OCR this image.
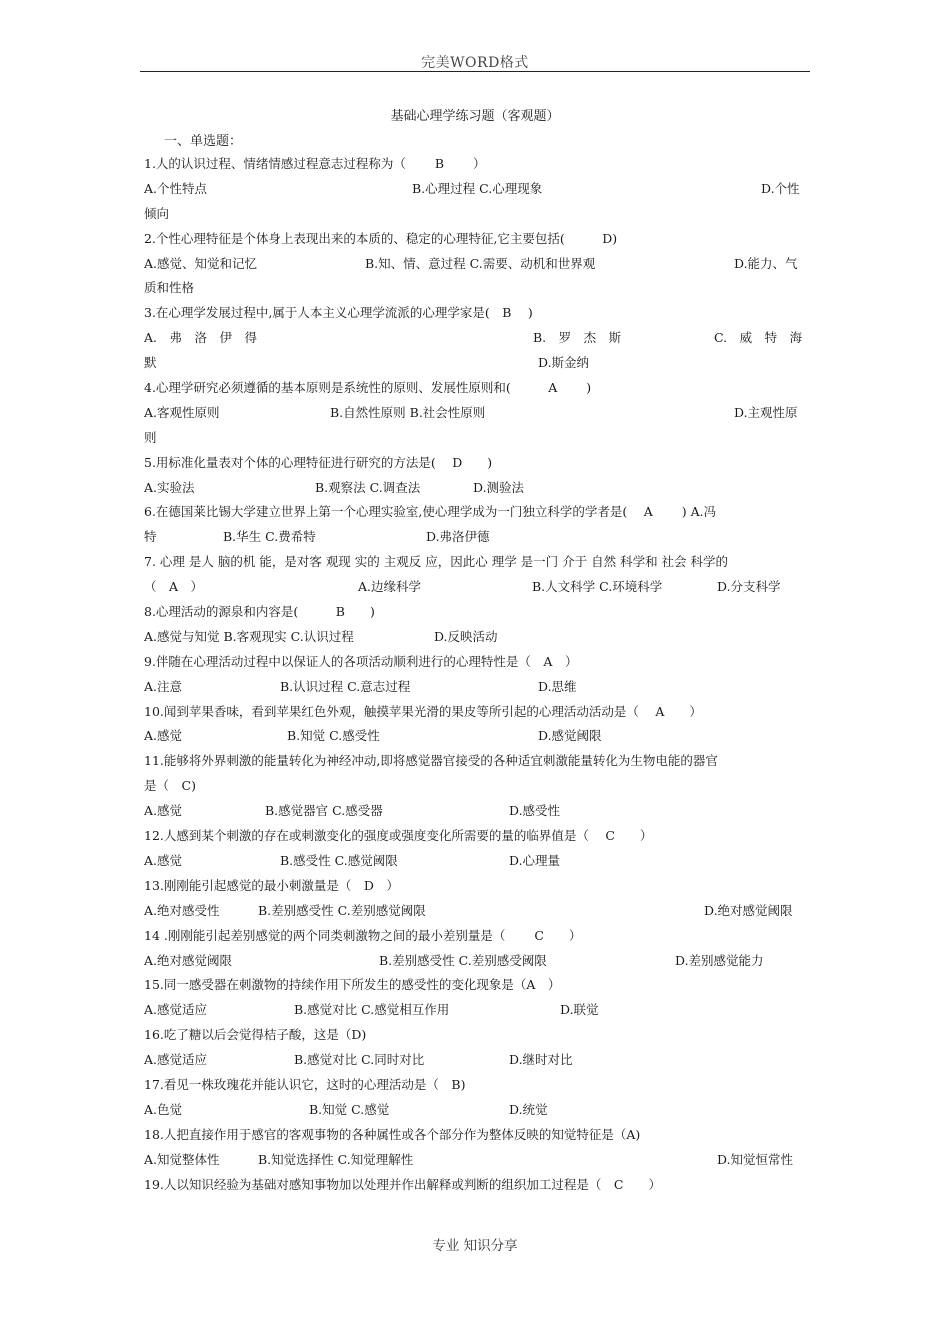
完美WORD格式
基础心理学练习题（客观题）
一、单选题：
1.人的认识过程、情绪情感过程意志过程称为（　　 B　　 ）
A.个性特点	B.心理过程 C.心理现象	D.个性
倾向
2.个性心理特征是个体身上表现出来的本质的、稳定的心理特征,它主要包括(　　　D)
A.感觉、知觉和记忆	B.知、情、意过程 C.需要、动机和世界观	D.能力、气
质和性格
3.在心理学发展过程中,属于人本主义心理学流派的心理学家是(　B　 )
A.　弗　洛　伊　得	B.　罗　杰　斯	C.　威　特　海
默	D.斯金纳
4.心理学研究必须遵循的基本原则是系统性的原则、发展性原则和(　　　A　　 )
A.客观性原则	B.自然性原则 B.社会性原则	D.主观性原
则
5.用标准化量表对个体的心理特征进行研究的方法是(　 D　　)
A.实验法	B.观察法 C.调查法	D.测验法
6.在德国莱比锡大学建立世界上第一个心理实验室,使心理学成为一门独立科学的学者是(　 A　　 ) A.冯
特	B.华生 C.费希特	D.弗洛伊德
7. 心理 是人 脑的机 能，是对客 观现 实的 主观反 应，因此心 理学 是一门 介于 自然 科学和 社会 科学的
（　A　）	A.边缘科学	B.人文科学 C.环境科学	D.分支科学
8.心理活动的源泉和内容是(　　　B　　)
A.感觉与知觉 B.客观现实 C.认识过程	D.反映活动
9.伴随在心理活动过程中以保证人的各项活动顺利进行的心理特性是（　A　）
A.注意	B.认识过程 C.意志过程	D.思维
10.闻到苹果香味，看到苹果红色外观，触摸苹果光滑的果皮等所引起的心理活动活动是（　 A　　）
A.感觉	B.知觉 C.感受性	D.感觉阈限
11.能够将外界刺激的能量转化为神经冲动,即将感觉器官接受的各种适宜刺激能量转化为生物电能的器官
是（　C)
A.感觉	B.感觉器官 C.感受器	D.感受性
12.人感到某个刺激的存在或刺激变化的强度或强度变化所需要的量的临界值是（　 C　　）
A.感觉	B.感受性 C.感觉阈限	D.心理量
13.刚刚能引起感觉的最小刺激量是（　D　）
A.绝对感受性	B.差别感受性 C.差别感觉阈限	D.绝对感觉阈限
14 .刚刚能引起差别感觉的两个同类刺激物之间的最小差别量是（　　 C　　）
A.绝对感觉阈限	B.差别感受性 C.差别感受阈限	D.差别感觉能力
15.同一感受器在刺激物的持续作用下所发生的感受性的变化现象是（A　）
A.感觉适应	B.感觉对比 C.感觉相互作用	D.联觉
16.吃了糖以后会觉得桔子酸，这是（D)
A.感觉适应	B.感觉对比 C.同时对比	D.继时对比
17.看见一株玫瑰花并能认识它，这时的心理活动是（　B)
A.色觉	B.知觉 C.感觉	D.统觉
18.人把直接作用于感官的客观事物的各种属性或各个部分作为整体反映的知觉特征是（A)
A.知觉整体性	B.知觉选择性 C.知觉理解性	D.知觉恒常性
19.人以知识经验为基础对感知事物加以处理并作出解释或判断的组织加工过程是（　C　　）
专业 知识分享
